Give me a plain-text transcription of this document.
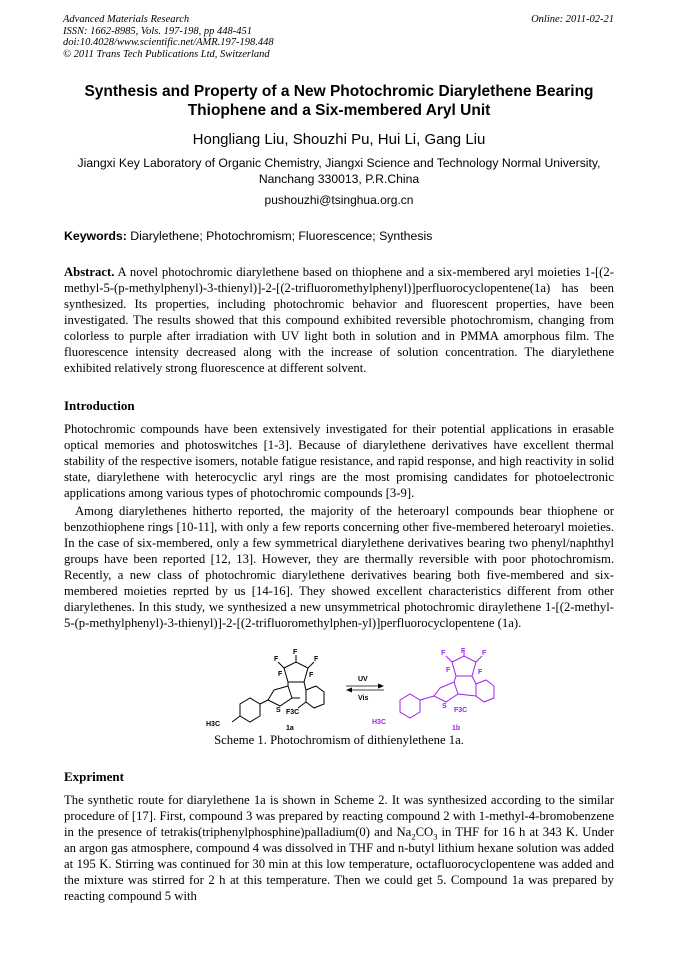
Advanced Materials Research
ISSN: 1662-8985, Vols. 197-198, pp 448-451
doi:10.4028/www.scientific.net/AMR.197-198.448
© 2011 Trans Tech Publications Ltd, Switzerland
Online: 2011-02-21
Synthesis and Property of a New Photochromic Diarylethene Bearing
Thiophene and a Six-membered Aryl Unit
Hongliang Liu, Shouzhi Pu, Hui Li, Gang Liu
Jiangxi Key Laboratory of Organic Chemistry, Jiangxi Science and Technology Normal University,
Nanchang 330013, P.R.China
pushouzhi@tsinghua.org.cn
Keywords: Diarylethene; Photochromism; Fluorescence; Synthesis

Abstract. A novel photochromic diarylethene based on thiophene and a six-membered aryl moieties 1-[(2-methyl-5-(p-methylphenyl)-3-thienyl)]-2-[(2-trifluoromethylphenyl)]perfluorocyclopentene(1a) has been synthesized. Its properties, including photochromic behavior and fluorescent properties, have been investigated. The results showed that this compound exhibited reversible photochromism, changing from colorless to purple after irradiation with UV light both in solution and in PMMA amorphous film. The fluorescence intensity decreased along with the increase of solution concentration. The diarylethene exhibited relatively strong fluorescence at different solvent.

Introduction

Photochromic compounds have been extensively investigated for their potential applications in erasable optical memories and photoswitches [1-3]. Because of diarylethene derivatives have excellent thermal stability of the respective isomers, notable fatigue resistance, and rapid response, and high reactivity in solid state, diarylethene with heterocyclic aryl rings are the most promising candidates for photoelectronic applications among various types of photochromic compounds [3-9].

Among diarylethenes hitherto reported, the majority of the heteroaryl compounds bear thiophene or benzothiophene rings [10-11], with only a few reports concerning other five-membered heteroaryl moieties. In the case of six-membered, only a few symmetrical diarylethene derivatives bearing two phenyl/naphthyl groups have been reported [12, 13]. However, they are thermally reversible with poor photochromism. Recently, a new class of photochromic diarylethene derivatives bearing both five-membered and six-membered moieties reprted by us [14-16]. They showed excellent characteristics different from other diarylethenes. In this study, we synthesized a new unsymmetrical photochromic diraylethene 1-[(2-methyl-5-(p-methylphenyl)-3-thienyl)]-2-[(2-trifluoromethylphen-yl)]perfluorocyclopentene (1a).

F
F
F
F	F
S
H3C
F3C
1a
UV
Vis
F F F
F	F
S
H3C
F3C
1b
Scheme 1. Photochromism of dithienylethene 1a.
Expriment

The synthetic route for diarylethene 1a is shown in Scheme 2. It was synthesized according to the similar procedure of [17]. First, compound 3 was prepared by reacting compound 2 with 1-methyl-4-bromobenzene in the presence of tetrakis(triphenylphosphine)palladium(0) and $Na_2CO_3$ in THF for 16 h at 343 K. Under an argon gas atmosphere, compound 4 was dissolved in THF and n-butyl lithium hexane solution was added at 195 K. Stirring was continued for 30 min at this low temperature, octafluorocyclopentene was added and the mixture was stirred for 2 h at this temperature. Then we could get 5. Compound 1a was prepared by reacting compound 5 with
